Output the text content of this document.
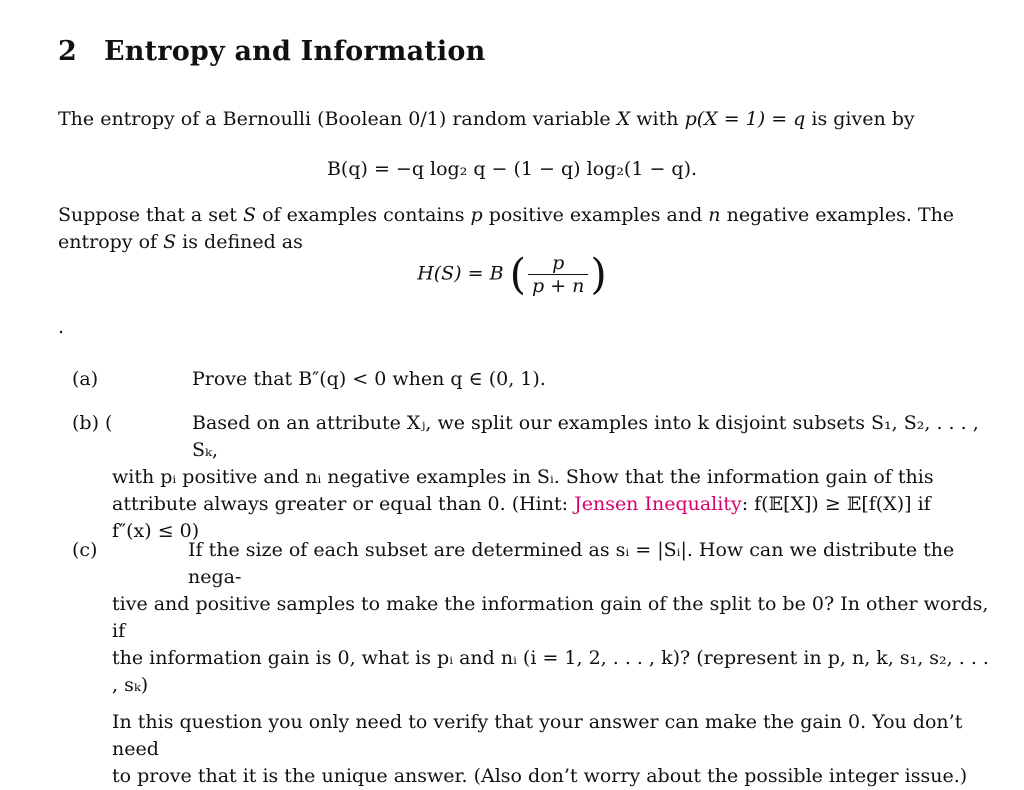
2 Entropy and Information
The entropy of a Bernoulli (Boolean 0/1) random variable X with p(X = 1) = q is given by
B(q) = −q log₂ q − (1 − q) log₂(1 − q).
Suppose that a set S of examples contains p positive examples and n negative examples. The
entropy of S is defined as
H(S) = B ( $\frac{p}{p + n}$ )
.
(a)	Prove that B″(q) < 0 when q ∈ (0, 1).
(b) (	Based on an attribute Xⱼ, we split our examples into k disjoint subsets S₁, S₂, . . . , Sₖ,
with pᵢ positive and nᵢ negative examples in Sᵢ. Show that the information gain of this
attribute always greater or equal than 0. (Hint: Jensen Inequality: f(𝔼[X]) ≥ 𝔼[f(X)] if
f″(x) ≤ 0)
(c)	If the size of each subset are determined as sᵢ = |Sᵢ|. How can we distribute the nega-
tive and positive samples to make the information gain of the split to be 0? In other words, if
the information gain is 0, what is pᵢ and nᵢ (i = 1, 2, . . . , k)? (represent in p, n, k, s₁, s₂, . . . , sₖ)
In this question you only need to verify that your answer can make the gain 0. You don’t need
to prove that it is the unique answer. (Also don’t worry about the possible integer issue.)
